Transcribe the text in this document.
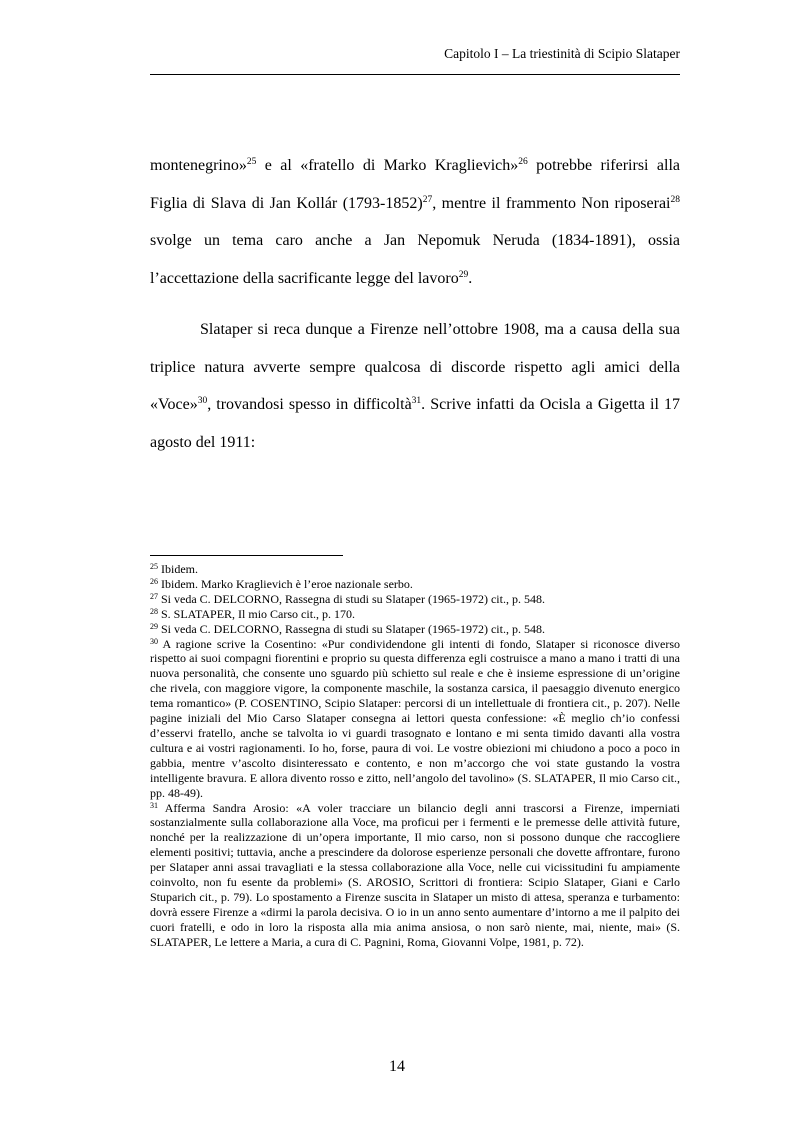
Capitolo I – La triestinità di Scipio Slataper

montenegrino»$^{25}$ e al «fratello di Marko Kraglievich»$^{26}$ potrebbe riferirsi alla Figlia di Slava di Jan Kollár (1793-1852)$^{27}$, mentre il frammento Non riposerai$^{28}$ svolge un tema caro anche a Jan Nepomuk Neruda (1834-1891), ossia l’accettazione della sacrificante legge del lavoro$^{29}$.

Slataper si reca dunque a Firenze nell’ottobre 1908, ma a causa della sua triplice natura avverte sempre qualcosa di discorde rispetto agli amici della «Voce»$^{30}$, trovandosi spesso in difficoltà$^{31}$. Scrive infatti da Ocisla a Gigetta il 17 agosto del 1911:

$^{25}$ Ibidem.

$^{26}$ Ibidem. Marko Kraglievich è l’eroe nazionale serbo.

$^{27}$ Si veda C. DELCORNO, Rassegna di studi su Slataper (1965-1972) cit., p. 548.

$^{28}$ S. SLATAPER, Il mio Carso cit., p. 170.

$^{29}$ Si veda C. DELCORNO, Rassegna di studi su Slataper (1965-1972) cit., p. 548.

$^{30}$ A ragione scrive la Cosentino: «Pur condividendone gli intenti di fondo, Slataper si riconosce diverso rispetto ai suoi compagni fiorentini e proprio su questa differenza egli costruisce a mano a mano i tratti di una nuova personalità, che consente uno sguardo più schietto sul reale e che è insieme espressione di un’origine che rivela, con maggiore vigore, la componente maschile, la sostanza carsica, il paesaggio divenuto energico tema romantico» (P. COSENTINO, Scipio Slataper: percorsi di un intellettuale di frontiera cit., p. 207). Nelle pagine iniziali del Mio Carso Slataper consegna ai lettori questa confessione: «È meglio ch’io confessi d’esservi fratello, anche se talvolta io vi guardi trasognato e lontano e mi senta timido davanti alla vostra cultura e ai vostri ragionamenti. Io ho, forse, paura di voi. Le vostre obiezioni mi chiudono a poco a poco in gabbia, mentre v’ascolto disinteressato e contento, e non m’accorgo che voi state gustando la vostra intelligente bravura. E allora divento rosso e zitto, nell’angolo del tavolino» (S. SLATAPER, Il mio Carso cit., pp. 48-49).

$^{31}$ Afferma Sandra Arosio: «A voler tracciare un bilancio degli anni trascorsi a Firenze, imperniati sostanzialmente sulla collaborazione alla Voce, ma proficui per i fermenti e le premesse delle attività future, nonché per la realizzazione di un’opera importante, Il mio carso, non si possono dunque che raccogliere elementi positivi; tuttavia, anche a prescindere da dolorose esperienze personali che dovette affrontare, furono per Slataper anni assai travagliati e la stessa collaborazione alla Voce, nelle cui vicissitudini fu ampiamente coinvolto, non fu esente da problemi» (S. AROSIO, Scrittori di frontiera: Scipio Slataper, Giani e Carlo Stuparich cit., p. 79). Lo spostamento a Firenze suscita in Slataper un misto di attesa, speranza e turbamento: dovrà essere Firenze a «dirmi la parola decisiva. O io in un anno sento aumentare d’intorno a me il palpito dei cuori fratelli, e odo in loro la risposta alla mia anima ansiosa, o non sarò niente, mai, niente, mai» (S. SLATAPER, Le lettere a Maria, a cura di C. Pagnini, Roma, Giovanni Volpe, 1981, p. 72).

14
